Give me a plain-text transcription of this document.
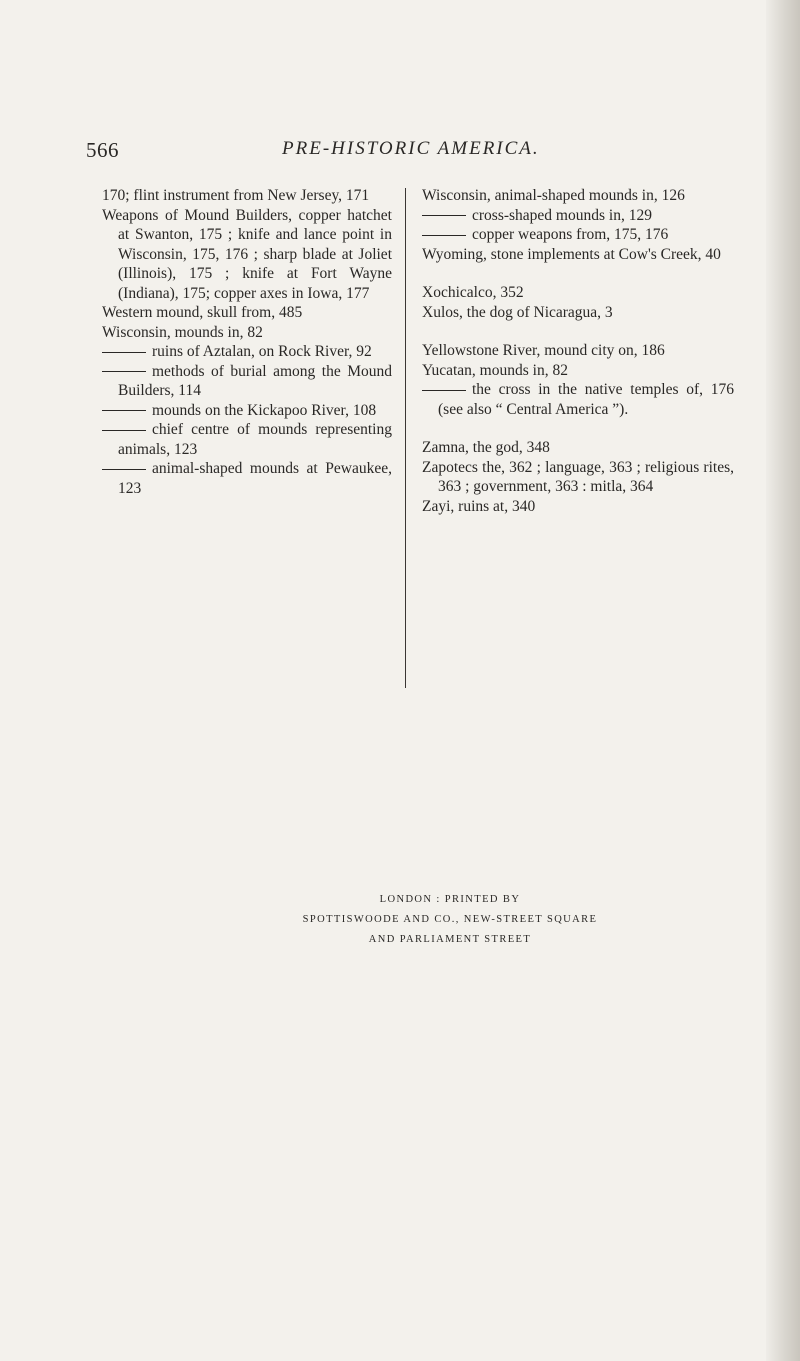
566	PRE-HISTORIC AMERICA.
170; flint instrument from New Jersey, 171
Weapons of Mound Builders, copper hatchet at Swanton, 175 ; knife and lance point in Wisconsin, 175, 176 ; sharp blade at Joliet (Illinois), 175 ; knife at Fort Wayne (Indiana), 175; copper axes in Iowa, 177
Western mound, skull from, 485
Wisconsin, mounds in, 82
ruins of Aztalan, on Rock River, 92
methods of burial among the Mound Builders, 114
mounds on the Kickapoo River, 108
chief centre of mounds representing animals, 123
animal-shaped mounds at Pewaukee, 123
Wisconsin, animal-shaped mounds in, 126
cross-shaped mounds in, 129
copper weapons from, 175, 176
Wyoming, stone implements at Cow's Creek, 40
Xochicalco, 352
Xulos, the dog of Nicaragua, 3
Yellowstone River, mound city on, 186
Yucatan, mounds in, 82
the cross in the native temples of, 176 (see also “ Central America ”).
Zamna, the god, 348
Zapotecs the, 362 ; language, 363 ; religious rites, 363 ; government, 363 : mitla, 364
Zayi, ruins at, 340
LONDON : PRINTED BY
SPOTTISWOODE AND CO., NEW-STREET SQUARE
AND PARLIAMENT STREET
